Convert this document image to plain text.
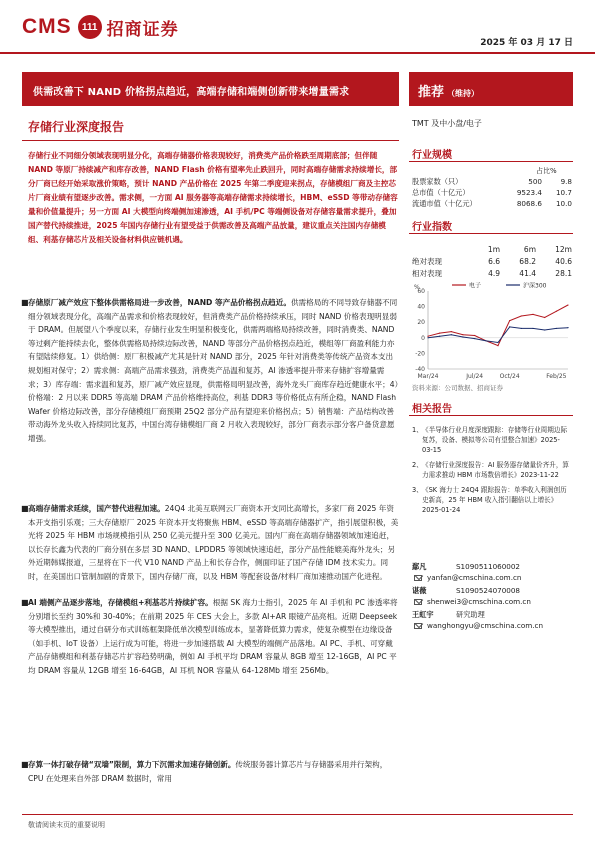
CMS	111 招商证券
2025 年 03 月 17 日
供需改善下 NAND 价格拐点趋近，高端存储和端侧创新带来增量需求
存储行业深度报告
存储行业不同细分领域表现明显分化，高端存储器价格表现较好，消费类产品价格跌至周期底部；但伴随 NAND 等原厂持续减产和库存改善，NAND Flash 价格有望率先止跌回升，同时高端存储需求持续增长，部分厂商已经开始采取涨价策略，预计 NAND 产品价格在 2025 年第二季度迎来拐点，存储模组厂商及主控芯片厂商业绩有望逐步改善。需求侧，一方面 AI 服务器等高端存储需求持续增长，HBM、eSSD 等带动存储容量和价值量提升；另一方面 AI 大模型向终端侧加速渗透，AI 手机/PC 等端侧设备对存储容量需求提升，叠加国产替代持续推进，2025 年国内存储行业有望受益于供需改善及高端产品放量，建议重点关注国内存储模组、利基存储芯片及相关设备材料供应链机遇。
■ 存储原厂减产效应下整体供需格局进一步改善，NAND 等产品价格拐点趋近。供需格局的不同导致存储器不同细分领域表现分化，高端产品需求和价格表现较好，但消费类产品价格持续承压，同时 NAND 价格表现明显弱于 DRAM。但展望八个季度以来，存储行业发生明显积极变化，供需两端格局持续改善，同时消费类、NAND 等过剩产能持续去化，整体供需格局持续边际改善，NAND 等部分产品价格拐点趋近，模组等厂商盈利能力亦有望陆续修复。1）供给侧：原厂积极减产尤其是针对 NAND 部分，2025 年针对消费类等传统产品资本支出规划相对保守；2）需求侧：高端产品需求强劲，消费类产品温和复苏，AI 渗透率提升带来存储扩容增量需求；3）库存端：需求温和复苏，原厂减产效应显现，供需格局明显改善，海外龙头厂商库存趋近健康水平；4）价格端：2 月以来 DDR5 等高端 DRAM 产品价格维持高位，利基 DDR3 等价格低点有所企稳，NAND Flash Wafer 价格边际改善，部分存储模组厂商预期 25Q2 部分产品有望迎来价格拐点；5）销售端：产品结构改善带动海外龙头收入持续同比复苏，中国台湾存储模组厂商 2 月收入表现较好，部分厂商表示部分客户备货意愿增强。
■ 高端存储需求延续，国产替代进程加速。24Q4 北美互联网云厂商资本开支同比高增长，多家厂商 2025 年资本开支指引乐观；三大存储原厂 2025 年资本开支将聚焦 HBM、eSSD 等高端存储器扩产，指引展望积极，美光将 2025 年 HBM 市场规模指引从 250 亿美元提升至 300 亿美元。国内厂商在高端存储器领域加速追赶，以长存长鑫为代表的厂商分别在多层 3D NAND、LPDDR5 等领域快速追赶，部分产品性能媲美海外龙头；另外近期韩媒报道，三星将在下一代 V10 NAND 产品上和长存合作，侧面印证了国产存储 IDM 技术实力。同时，在美国出口管制加剧的背景下，国内存储厂商，以及 HBM 等配套设备/材料厂商加速推动国产化进程。
■ AI 端侧产品逐步落地，存储模组+利基芯片持续扩容。根据 SK 海力士指引，2025 年 AI 手机和 PC 渗透率将分别增长至约 30%和 30-40%；在前期 2025 年 CES 大会上，多款 AI+AR 眼镜产品亮相。近期 Deepseek 等大模型推出，通过自研分布式训练框架降低单次模型训练成本，显著降低算力需求，使复杂模型在边缘设备（如手机、IoT 设备）上运行成为可能，将进一步加速搭载 AI 大模型的端侧产品落地。AI PC、手机、可穿戴产品存储模组和利基存储芯片扩容趋势明确，例如 AI 手机平均 DRAM 容量从 8GB 增至 12-16GB，AI PC 平均 DRAM 容量从 12GB 增至 16-64GB，AI 耳机 NOR 容量从 64-128Mb 增至 256Mb。
■ 存算一体打破存储“双墙”限制，算力下沉需求加速存储创新。传统服务器计算芯片与存储器采用并行架构，CPU 在处理来自外部 DRAM 数据时，常用
敬请阅读末页的重要说明
推荐 （维持）
TMT 及中小盘/电子
行业规模
占比%
股票家数（只）	500	9.8
总市值（十亿元）	9523.4	10.7
流通市值（十亿元）	8068.6	10.0
行业指数
	1m	6m	12m
绝对表现	6.6	68.2	40.6
相对表现	4.9	41.4	28.1
%
60
40
20
0
-20
-40
Mar/24	Jul/24	Oct/24	Feb/25
电子	沪深300
资料来源：公司数据、招商证券
相关报告
1、 《半导体行业月度深度跟踪：存储等行业周期边际复苏，设备、模拟等公司有望整合加速》2025-03-15
2、 《存储行业深度报告：AI 服务器存储量价齐升，算力需求推动 HBM 市场数倍增长》2023-11-22
3、 《SK 海力士 24Q4 跟踪报告：单季收入利润创历史新高，25 年 HBM 收入指引翻倍以上增长》2025-01-24
鄢凡	S1090511060002
yanfan@cmschina.com.cn
谌薇	S1090524070008
shenwei3@cmschina.com.cn
王虹宇	研究助理
wanghongyu@cmschina.com.cn
